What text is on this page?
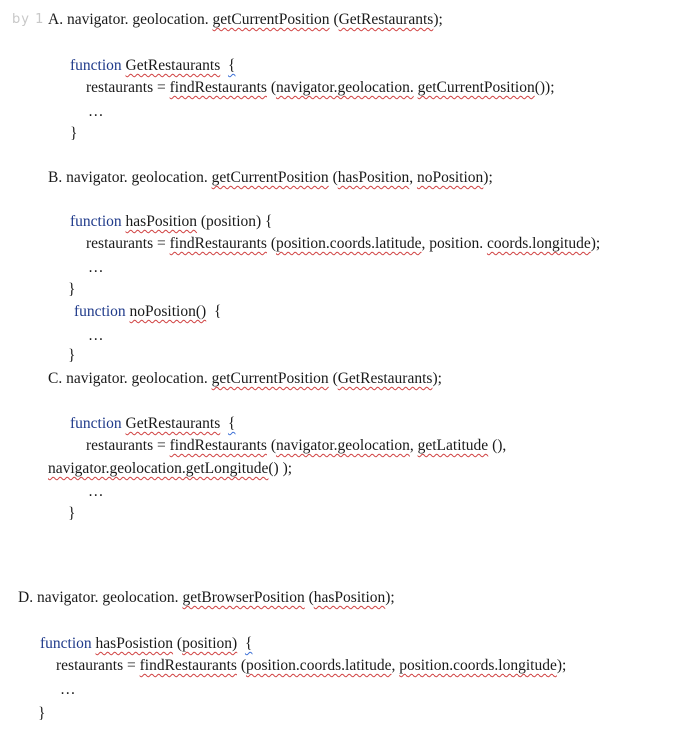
by 1 A. navigator. geolocation. getCurrentPosition (GetRestaurants);
function GetRestaurants {
restaurants = findRestaurants (navigator.geolocation. getCurrentPosition());
…
}
B. navigator. geolocation. getCurrentPosition (hasPosition, noPosition);
function hasPosition (position) {
restaurants = findRestaurants (position.coords.latitude, position. coords.longitude);
…
}
function noPosition()  {
…
}
C. navigator. geolocation. getCurrentPosition (GetRestaurants);
function GetRestaurants {
restaurants = findRestaurants (navigator.geolocation, getLatitude (),
navigator.geolocation.getLongitude() );
…
}
D. navigator. geolocation. getBrowserPosition (hasPosition);
function hasPosistion (position) {
restaurants = findRestaurants (position.coords.latitude, position.coords.longitude);
…
}
